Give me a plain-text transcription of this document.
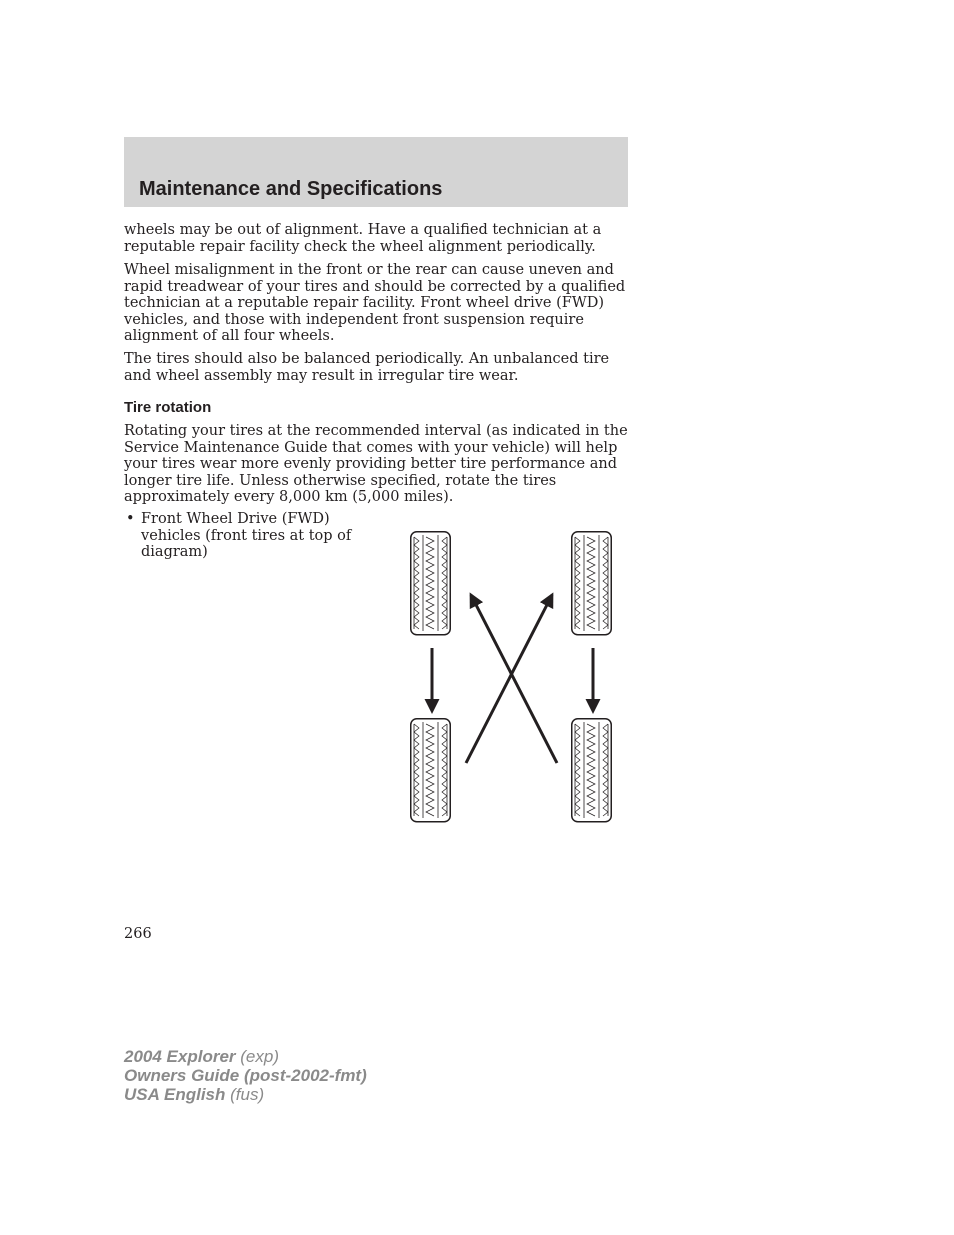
Maintenance and Specifications

wheels may be out of alignment. Have a qualified technician at a reputable repair facility check the wheel alignment periodically.

Wheel misalignment in the front or the rear can cause uneven and rapid treadwear of your tires and should be corrected by a qualified technician at a reputable repair facility. Front wheel drive (FWD) vehicles, and those with independent front suspension require alignment of all four wheels.

The tires should also be balanced periodically. An unbalanced tire and wheel assembly may result in irregular tire wear.

Tire rotation

Rotating your tires at the recommended interval (as indicated in the Service Maintenance Guide that comes with your vehicle) will help your tires wear more evenly providing better tire performance and longer tire life. Unless otherwise specified, rotate the tires approximately every 8,000 km (5,000 miles).

• Front Wheel Drive (FWD) vehicles (front tires at top of diagram)
266
2004 Explorer (exp)
Owners Guide (post-2002-fmt)
USA English (fus)
